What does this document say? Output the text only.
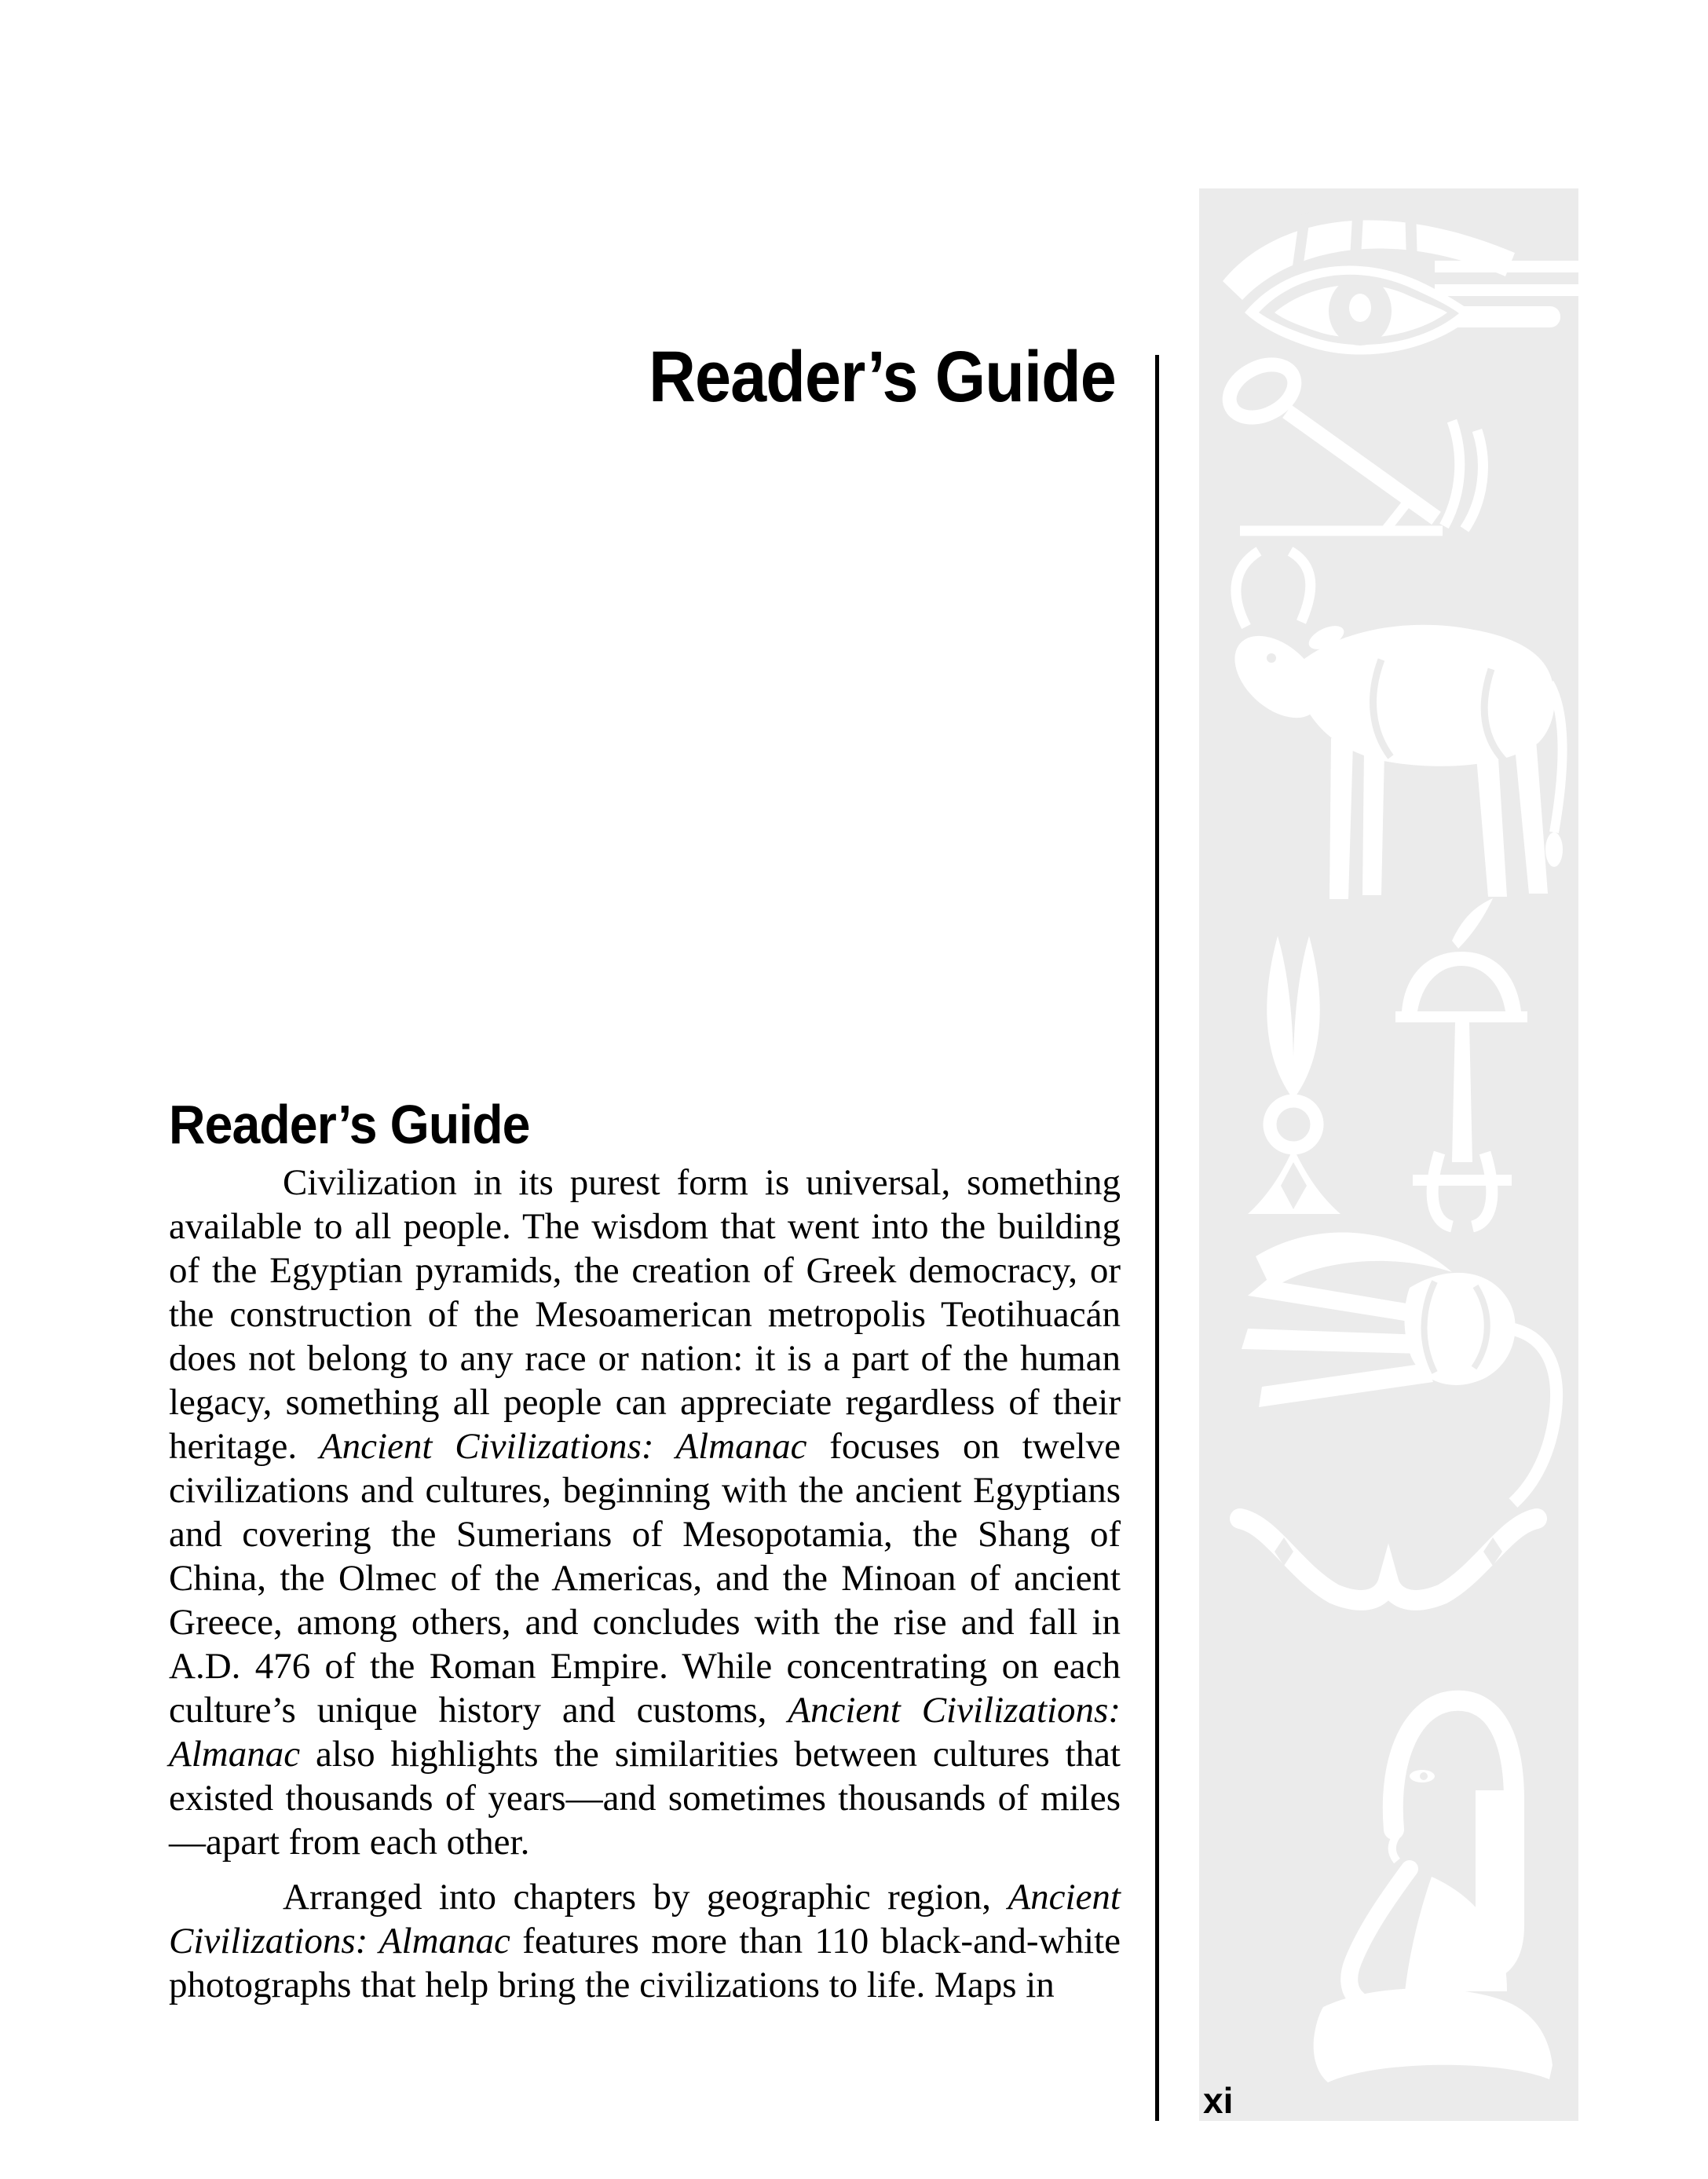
Reader’s Guide
Reader’s Guide

Civilization in its purest form is universal, something available to all people. The wisdom that went into the building of the Egyptian pyramids, the creation of Greek democracy, or the construction of the Mesoamerican metropolis Teotihuacán does not belong to any race or nation: it is a part of the human legacy, something all people can appreciate regardless of their heritage. Ancient Civilizations: Almanac focuses on twelve civilizations and cultures, beginning with the ancient Egyptians and covering the Sumerians of Mesopotamia, the Shang of China, the Olmec of the Americas, and the Minoan of ancient Greece, among others, and concludes with the rise and fall in A.D. 476 of the Roman Empire. While concentrating on each culture’s unique history and customs, Ancient Civilizations: Almanac also highlights the similarities between cultures that existed thousands of years—and sometimes thousands of miles—apart from each other.

Arranged into chapters by geographic region, Ancient Civilizations: Almanac features more than 110 black-and-white photographs that help bring the civilizations to life. Maps in

xi
